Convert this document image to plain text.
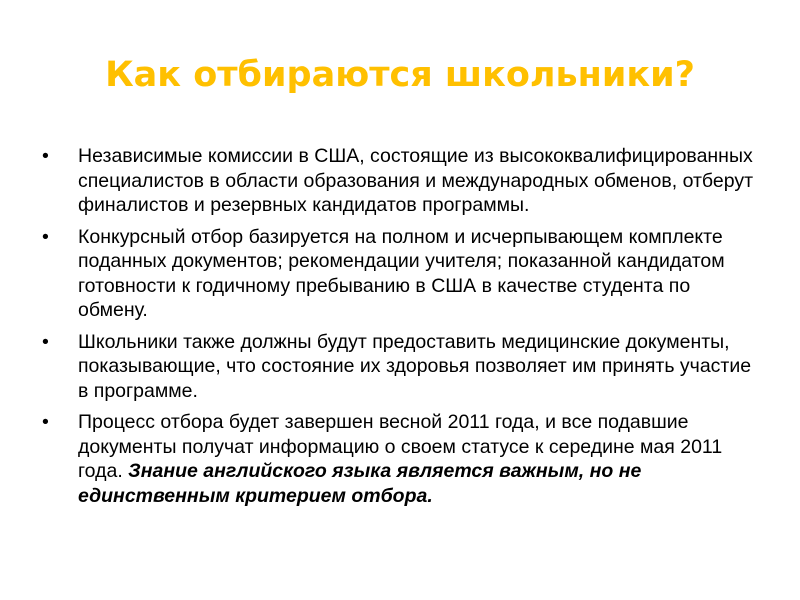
Как отбираются школьники?
•	Независимые комиссии в США, состоящие из высококвалифицированных специалистов в области образования и международных обменов, отберут финалистов и резервных кандидатов программы.
•	Конкурсный отбор базируется на полном и исчерпывающем комплекте поданных документов; рекомендации учителя; показанной кандидатом готовности к годичному пребыванию в США в качестве студента по обмену.
•	Школьники также должны будут предоставить медицинские документы, показывающие, что состояние их здоровья позволяет им принять участие в программе.
•	Процесс отбора будет завершен весной 2011 года, и все подавшие документы получат информацию о своем статусе к середине мая 2011 года. Знание английского языка является важным, но не единственным критерием отбора.
